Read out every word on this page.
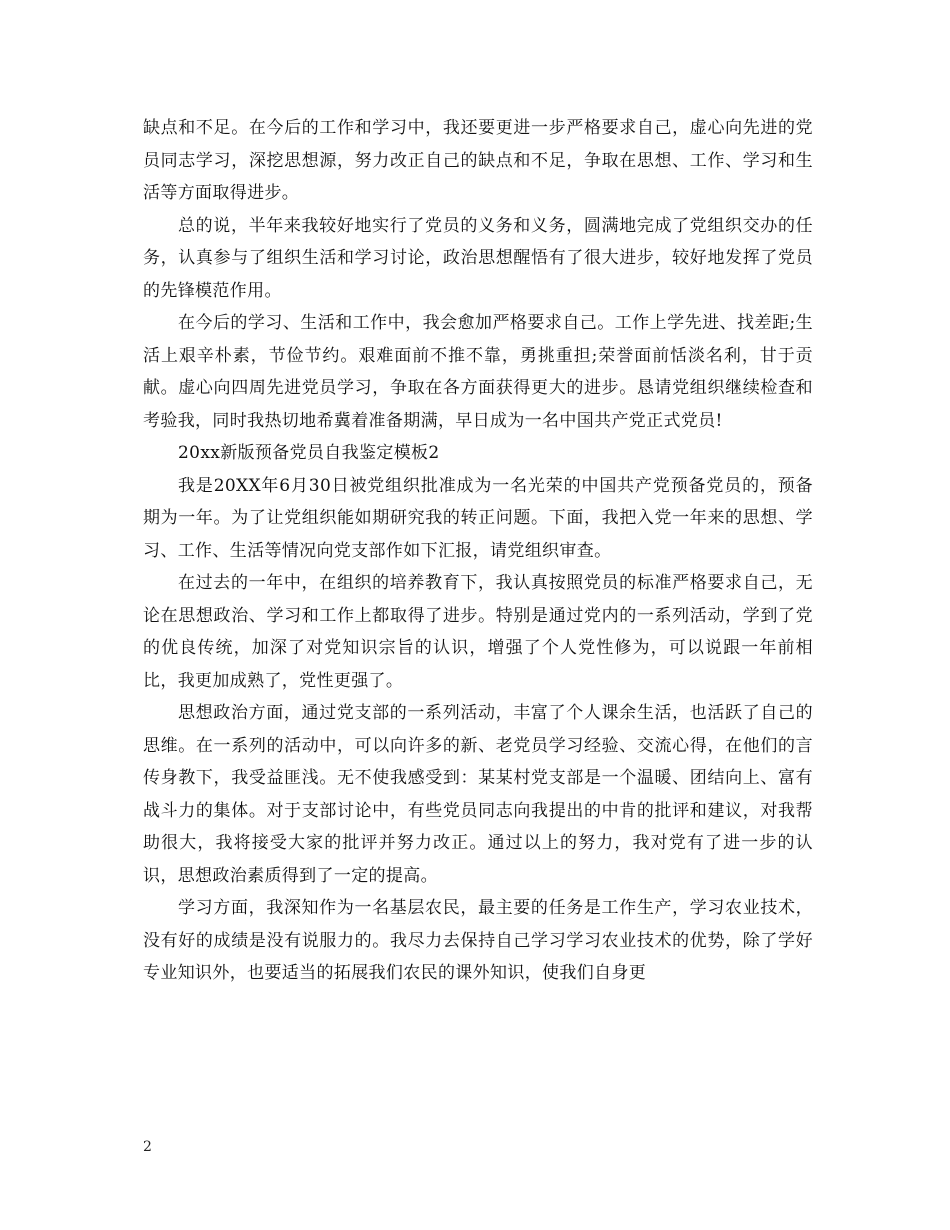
缺点和不足。在今后的工作和学习中，我还要更进一步严格要求自己，虚心向先进的党员同志学习，深挖思想源，努力改正自己的缺点和不足，争取在思想、工作、学习和生活等方面取得进步。

总的说，半年来我较好地实行了党员的义务和义务，圆满地完成了党组织交办的任务，认真参与了组织生活和学习讨论，政治思想醒悟有了很大进步，较好地发挥了党员的先锋模范作用。

在今后的学习、生活和工作中，我会愈加严格要求自己。工作上学先进、找差距;生活上艰辛朴素，节俭节约。艰难面前不推不靠，勇挑重担;荣誉面前恬淡名利，甘于贡献。虚心向四周先进党员学习，争取在各方面获得更大的进步。恳请党组织继续检查和考验我，同时我热切地希冀着准备期满，早日成为一名中国共产党正式党员!

20xx新版预备党员自我鉴定模板2

我是20XX年6月30日被党组织批准成为一名光荣的中国共产党预备党员的，预备期为一年。为了让党组织能如期研究我的转正问题。下面，我把入党一年来的思想、学习、工作、生活等情况向党支部作如下汇报，请党组织审查。

在过去的一年中，在组织的培养教育下，我认真按照党员的标准严格要求自己，无论在思想政治、学习和工作上都取得了进步。特别是通过党内的一系列活动，学到了党的优良传统，加深了对党知识宗旨的认识，增强了个人党性修为，可以说跟一年前相比，我更加成熟了，党性更强了。

思想政治方面，通过党支部的一系列活动，丰富了个人课余生活，也活跃了自己的思维。在一系列的活动中，可以向许多的新、老党员学习经验、交流心得，在他们的言传身教下，我受益匪浅。无不使我感受到：某某村党支部是一个温暖、团结向上、富有战斗力的集体。对于支部讨论中，有些党员同志向我提出的中肯的批评和建议，对我帮助很大，我将接受大家的批评并努力改正。通过以上的努力，我对党有了进一步的认识，思想政治素质得到了一定的提高。

学习方面，我深知作为一名基层农民，最主要的任务是工作生产，学习农业技术，没有好的成绩是没有说服力的。我尽力去保持自己学习学习农业技术的优势，除了学好专业知识外，也要适当的拓展我们农民的课外知识，使我们自身更

2
